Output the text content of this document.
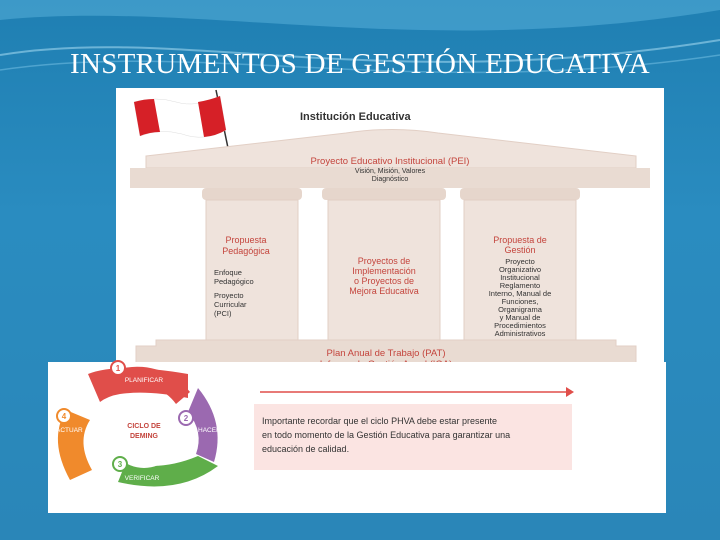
INSTRUMENTOS DE GESTIÓN EDUCATIVA
Institución Educativa
Proyecto Educativo Institucional (PEI)
Visión, Misión, Valores
Diagnóstico
Propuesta
Pedagógica
Enfoque
Pedagógico
Proyecto
Curricular
(PCI)
Proyectos de
Implementación
o Proyectos de
Mejora Educativa
Propuesta de
Gestión
Proyecto
Organizativo
Institucional
Reglamento
Interno, Manual de
Funciones,
Organigrama
y Manual de
Procedimientos
Administrativos
Plan Anual de Trabajo (PAT)
1
2
3
4
PLANIFICAR
HACER
VERIFICAR
ACTUAR
CICLO DE
DEMING
Importante recordar que el ciclo PHVA debe estar presente
en todo momento de la Gestión Educativa para garantizar una
educación de calidad.
